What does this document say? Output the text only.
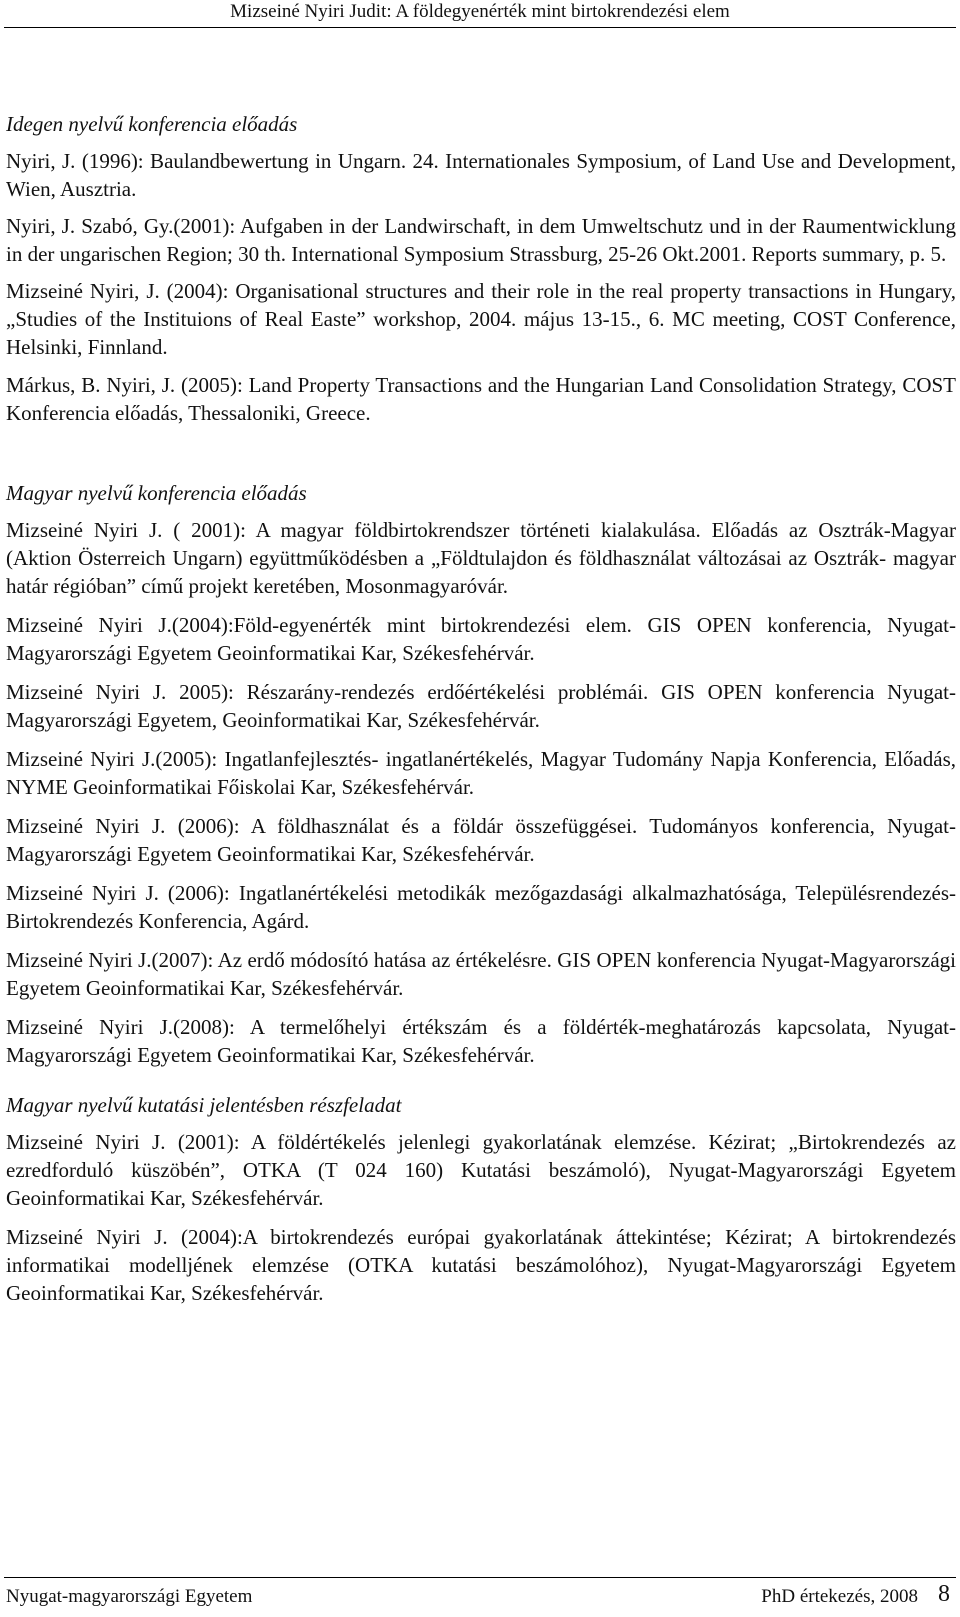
Mizseiné Nyiri Judit: A földegyenérték mint birtokrendezési elem

Idegen nyelvű konferencia előadás

Nyiri, J. (1996): Baulandbewertung in Ungarn. 24. Internationales Symposium, of Land Use and Development, Wien, Ausztria.

Nyiri, J. Szabó, Gy.(2001): Aufgaben in der Landwirschaft, in dem Umweltschutz und in der Raumentwicklung in der ungarischen Region; 30 th. International Symposium Strassburg, 25-26 Okt.2001. Reports summary, p. 5.

Mizseiné Nyiri, J. (2004): Organisational structures and their role in the real property transactions in Hungary, „Studies of the Instituions of Real Easte” workshop, 2004. május 13-15., 6. MC meeting, COST Conference, Helsinki, Finnland.

Márkus, B. Nyiri, J. (2005): Land Property Transactions and the Hungarian Land Consolidation Strategy, COST Konferencia előadás, Thessaloniki, Greece.

Magyar nyelvű konferencia előadás

Mizseiné Nyiri J. ( 2001): A magyar földbirtokrendszer történeti kialakulása. Előadás az Osztrák-Magyar (Aktion Österreich Ungarn) együttműködésben a „Földtulajdon és földhasználat változásai az Osztrák- magyar határ régióban” című projekt keretében, Mosonmagyaróvár.

Mizseiné Nyiri J.(2004):Föld-egyenérték mint birtokrendezési elem. GIS OPEN konferencia, Nyugat-Magyarországi Egyetem Geoinformatikai Kar, Székesfehérvár.

Mizseiné Nyiri J. 2005): Részarány-rendezés erdőértékelési problémái. GIS OPEN konferencia Nyugat-Magyarországi Egyetem, Geoinformatikai Kar, Székesfehérvár.

Mizseiné Nyiri J.(2005): Ingatlanfejlesztés- ingatlanértékelés, Magyar Tudomány Napja Konferencia, Előadás, NYME Geoinformatikai Főiskolai Kar, Székesfehérvár.

Mizseiné Nyiri J. (2006): A földhasználat és a földár összefüggései. Tudományos konferencia, Nyugat-Magyarországi Egyetem Geoinformatikai Kar, Székesfehérvár.

Mizseiné Nyiri J. (2006): Ingatlanértékelési metodikák mezőgazdasági alkalmazhatósága, Településrendezés-Birtokrendezés Konferencia, Agárd.

Mizseiné Nyiri J.(2007): Az erdő módosító hatása az értékelésre. GIS OPEN konferencia Nyugat-Magyarországi Egyetem Geoinformatikai Kar, Székesfehérvár.

Mizseiné Nyiri J.(2008): A termelőhelyi értékszám és a földérték-meghatározás kapcsolata, Nyugat-Magyarországi Egyetem Geoinformatikai Kar, Székesfehérvár.

Magyar nyelvű kutatási jelentésben részfeladat

Mizseiné Nyiri J. (2001): A földértékelés jelenlegi gyakorlatának elemzése. Kézirat; „Birtokrendezés az ezredforduló küszöbén”, OTKA (T 024 160) Kutatási beszámoló), Nyugat-Magyarországi Egyetem Geoinformatikai Kar, Székesfehérvár.

Mizseiné Nyiri J. (2004):A birtokrendezés európai gyakorlatának áttekintése; Kézirat; A birtokrendezés informatikai modelljének elemzése (OTKA kutatási beszámolóhoz), Nyugat-Magyarországi Egyetem Geoinformatikai Kar, Székesfehérvár.

Nyugat-magyarországi Egyetem	PhD értekezés, 2008 8
